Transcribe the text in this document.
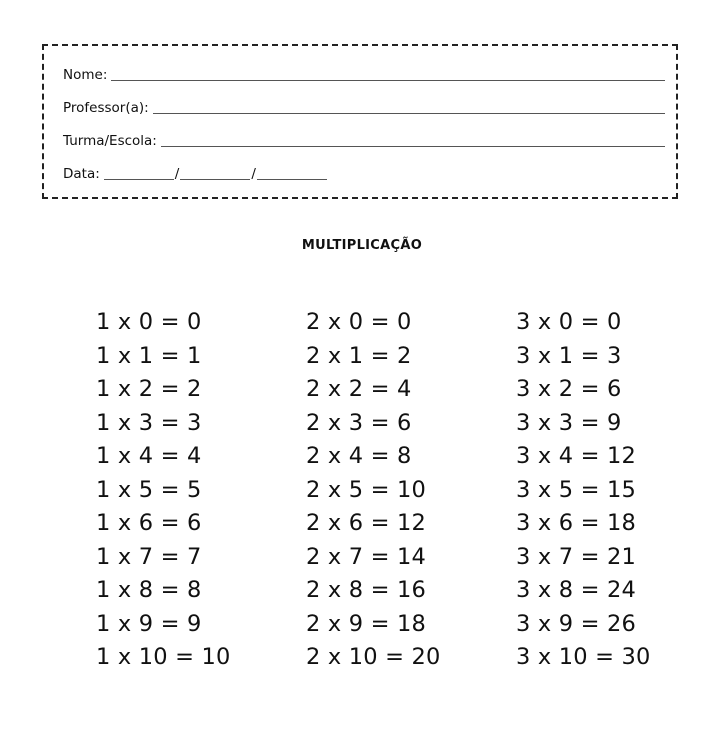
Nome:
Professor(a):
Turma/Escola:
Data:	/	/
MULTIPLICAÇÃO
1 x 0 = 0
1 x 1 = 1
1 x 2 = 2
1 x 3 = 3
1 x 4 = 4
1 x 5 = 5
1 x 6 = 6
1 x 7 = 7
1 x 8 = 8
1 x 9 = 9
1 x 10 = 10
2 x 0 = 0
2 x 1 = 2
2 x 2 = 4
2 x 3 = 6
2 x 4 = 8
2 x 5 = 10
2 x 6 = 12
2 x 7 = 14
2 x 8 = 16
2 x 9 = 18
2 x 10 = 20
3 x 0 = 0
3 x 1 = 3
3 x 2 = 6
3 x 3 = 9
3 x 4 = 12
3 x 5 = 15
3 x 6 = 18
3 x 7 = 21
3 x 8 = 24
3 x 9 = 26
3 x 10 = 30
